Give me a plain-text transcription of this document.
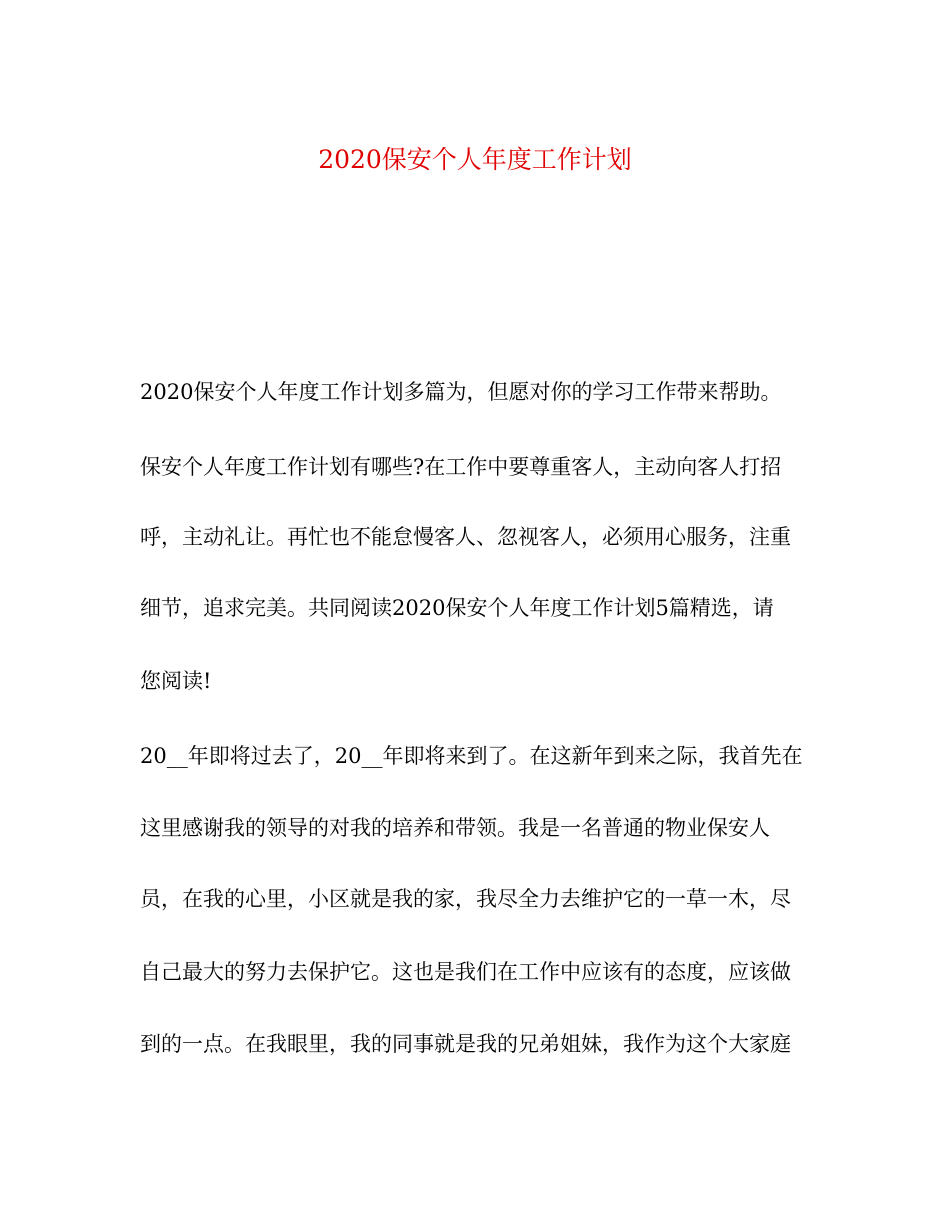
2020保安个人年度工作计划

2020保安个人年度工作计划多篇为，但愿对你的学习工作带来帮助。

保安个人年度工作计划有哪些?在工作中要尊重客人，主动向客人打招

呼，主动礼让。再忙也不能怠慢客人、忽视客人，必须用心服务，注重

细节，追求完美。共同阅读2020保安个人年度工作计划5篇精选，请

您阅读!

20__年即将过去了，20__年即将来到了。在这新年到来之际，我首先在

这里感谢我的领导的对我的培养和带领。我是一名普通的物业保安人

员，在我的心里，小区就是我的家，我尽全力去维护它的一草一木，尽

自己最大的努力去保护它。这也是我们在工作中应该有的态度，应该做

到的一点。在我眼里，我的同事就是我的兄弟姐妹，我作为这个大家庭
